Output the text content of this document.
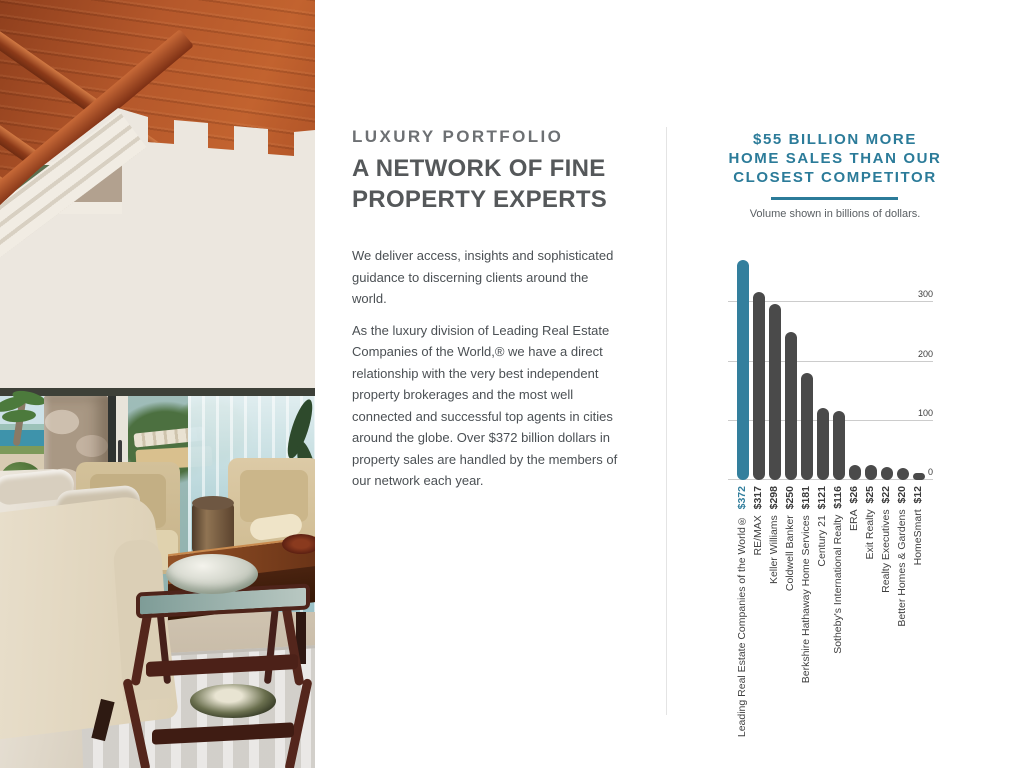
LUXURY PORTFOLIO
A NETWORK OF FINE PROPERTY EXPERTS

We deliver access, insights and sophisticated guidance to discerning clients around the world.

As the luxury division of Leading Real Estate Companies of the World,® we have a direct relationship with the very best independent property brokerages and the most well connected and successful top agents in cities around the globe. Over $372 billion dollars in property sales are handled by the members of our network each year.

$55 BILLION MORE
HOME SALES THAN OUR
CLOSEST COMPETITOR
Volume shown in billions of dollars.
0
100
200
300
Leading Real Estate Companies of the World®  $372
RE/MAX  $317
Keller Williams  $298
Coldwell Banker  $250
Berkshire Hathaway Home Services  $181
Century 21  $121
Sotheby's International Realty  $116
ERA  $26
Exit Realty  $25
Realty Executives  $22
Better Homes & Gardens  $20
HomeSmart  $12
